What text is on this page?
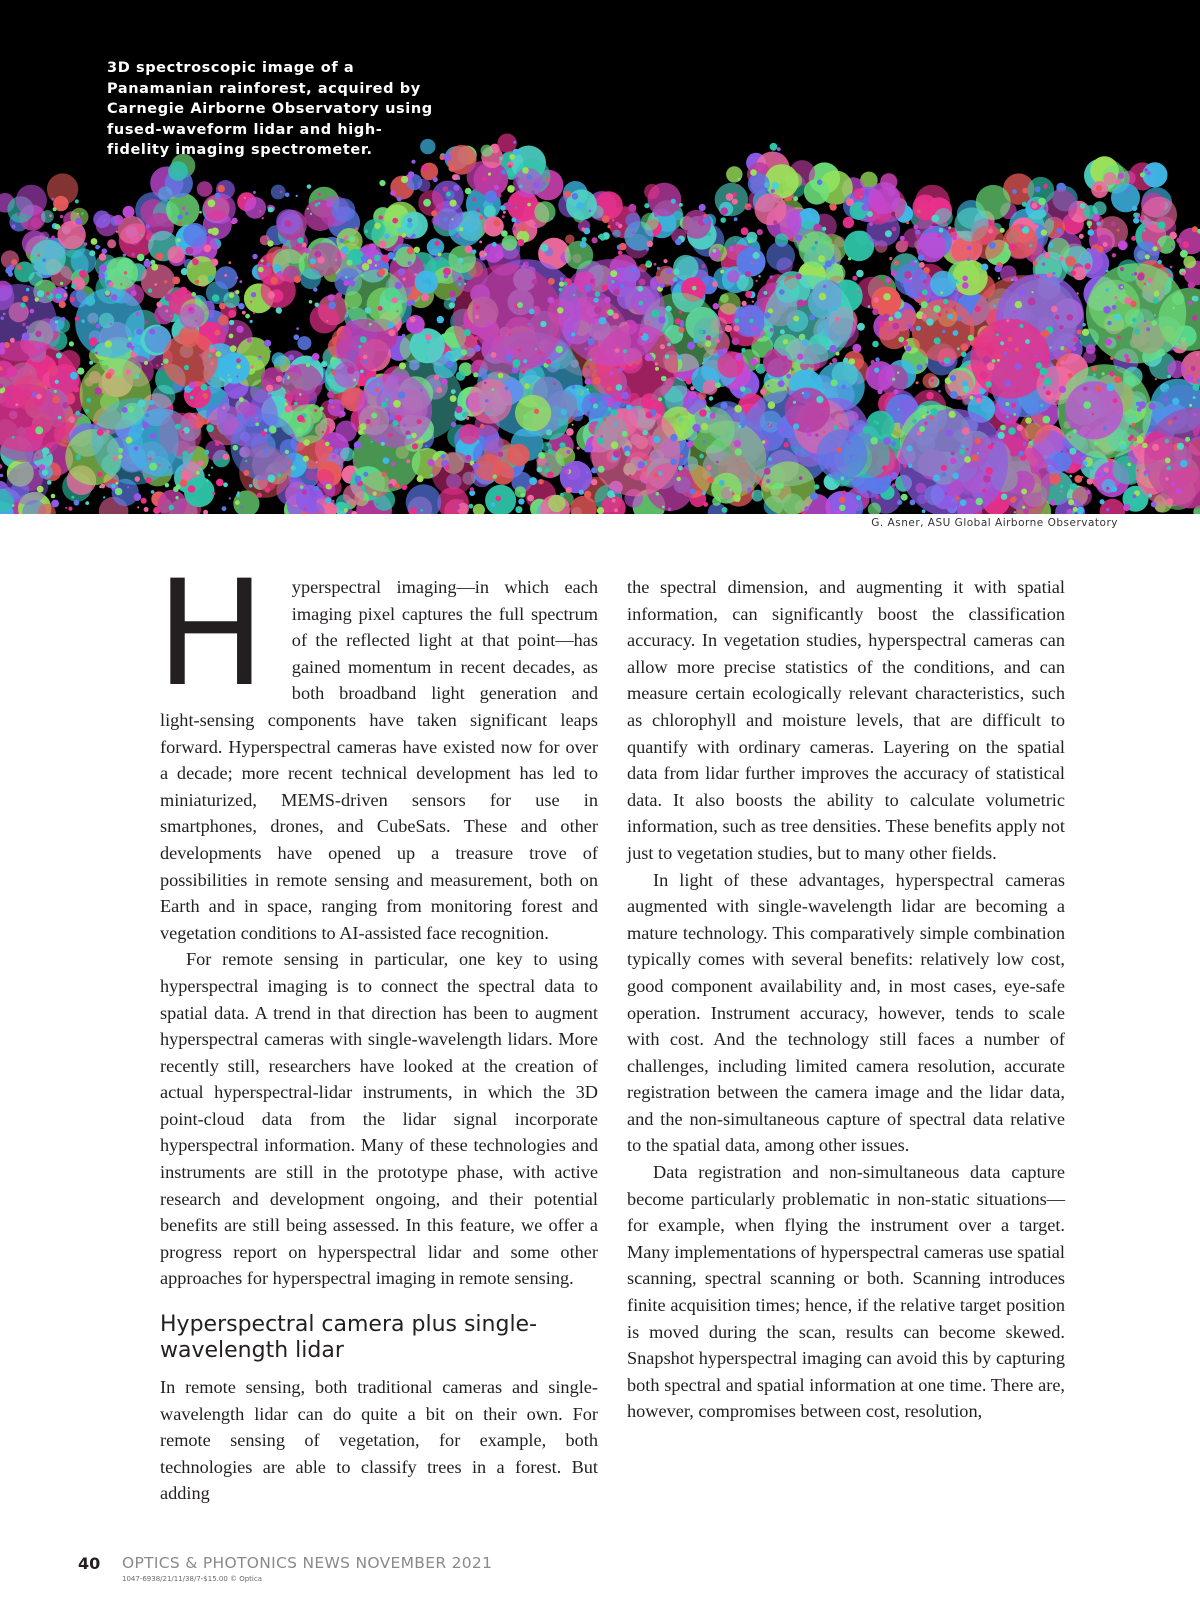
3D spectroscopic image of a Panamanian rainforest, acquired by Carnegie Airborne Observatory using fused-waveform lidar and high-fidelity imaging spectrometer.

G. Asner, ASU Global Airborne Observatory

H yperspectral imaging—in which each imaging pixel captures the full spectrum of the reflected light at that point—has gained momentum in recent decades, as both broadband light generation and light-sensing components have taken significant leaps forward. Hyperspectral cameras have existed now for over a decade; more recent technical development has led to miniaturized, MEMS-driven sensors for use in smartphones, drones, and CubeSats. These and other developments have opened up a treasure trove of possibilities in remote sensing and measurement, both on Earth and in space, ranging from monitoring forest and vegetation conditions to AI-assisted face recognition.

For remote sensing in particular, one key to using hyperspectral imaging is to connect the spectral data to spatial data. A trend in that direction has been to augment hyperspectral cameras with single-wavelength lidars. More recently still, researchers have looked at the creation of actual hyperspectral-lidar instruments, in which the 3D point-cloud data from the lidar signal incorporate hyperspectral information. Many of these technologies and instruments are still in the prototype phase, with active research and development ongoing, and their potential benefits are still being assessed. In this feature, we offer a progress report on hyperspectral lidar and some other approaches for hyperspectral imaging in remote sensing.

Hyperspectral camera plus single-wavelength lidar

In remote sensing, both traditional cameras and single-wavelength lidar can do quite a bit on their own. For remote sensing of vegetation, for example, both technologies are able to classify trees in a forest. But adding

the spectral dimension, and augmenting it with spatial information, can significantly boost the classification accuracy. In vegetation studies, hyperspectral cameras can allow more precise statistics of the conditions, and can measure certain ecologically relevant characteristics, such as chlorophyll and moisture levels, that are difficult to quantify with ordinary cameras. Layering on the spatial data from lidar further improves the accuracy of statistical data. It also boosts the ability to calculate volumetric information, such as tree densities. These benefits apply not just to vegetation studies, but to many other fields.

In light of these advantages, hyperspectral cameras augmented with single-wavelength lidar are becoming a mature technology. This comparatively simple combination typically comes with several benefits: relatively low cost, good component availability and, in most cases, eye-safe operation. Instrument accuracy, however, tends to scale with cost. And the technology still faces a number of challenges, including limited camera resolution, accurate registration between the camera image and the lidar data, and the non-simultaneous capture of spectral data relative to the spatial data, among other issues.

Data registration and non-simultaneous data capture become particularly problematic in non-static situations—for example, when flying the instrument over a target. Many implementations of hyperspectral cameras use spatial scanning, spectral scanning or both. Scanning introduces finite acquisition times; hence, if the relative target position is moved during the scan, results can become skewed. Snapshot hyperspectral imaging can avoid this by capturing both spectral and spatial information at one time. There are, however, compromises between cost, resolution,

40 OPTICS & PHOTONICS NEWS NOVEMBER 2021
1047-6938/21/11/38/7-$15.00 © Optica
